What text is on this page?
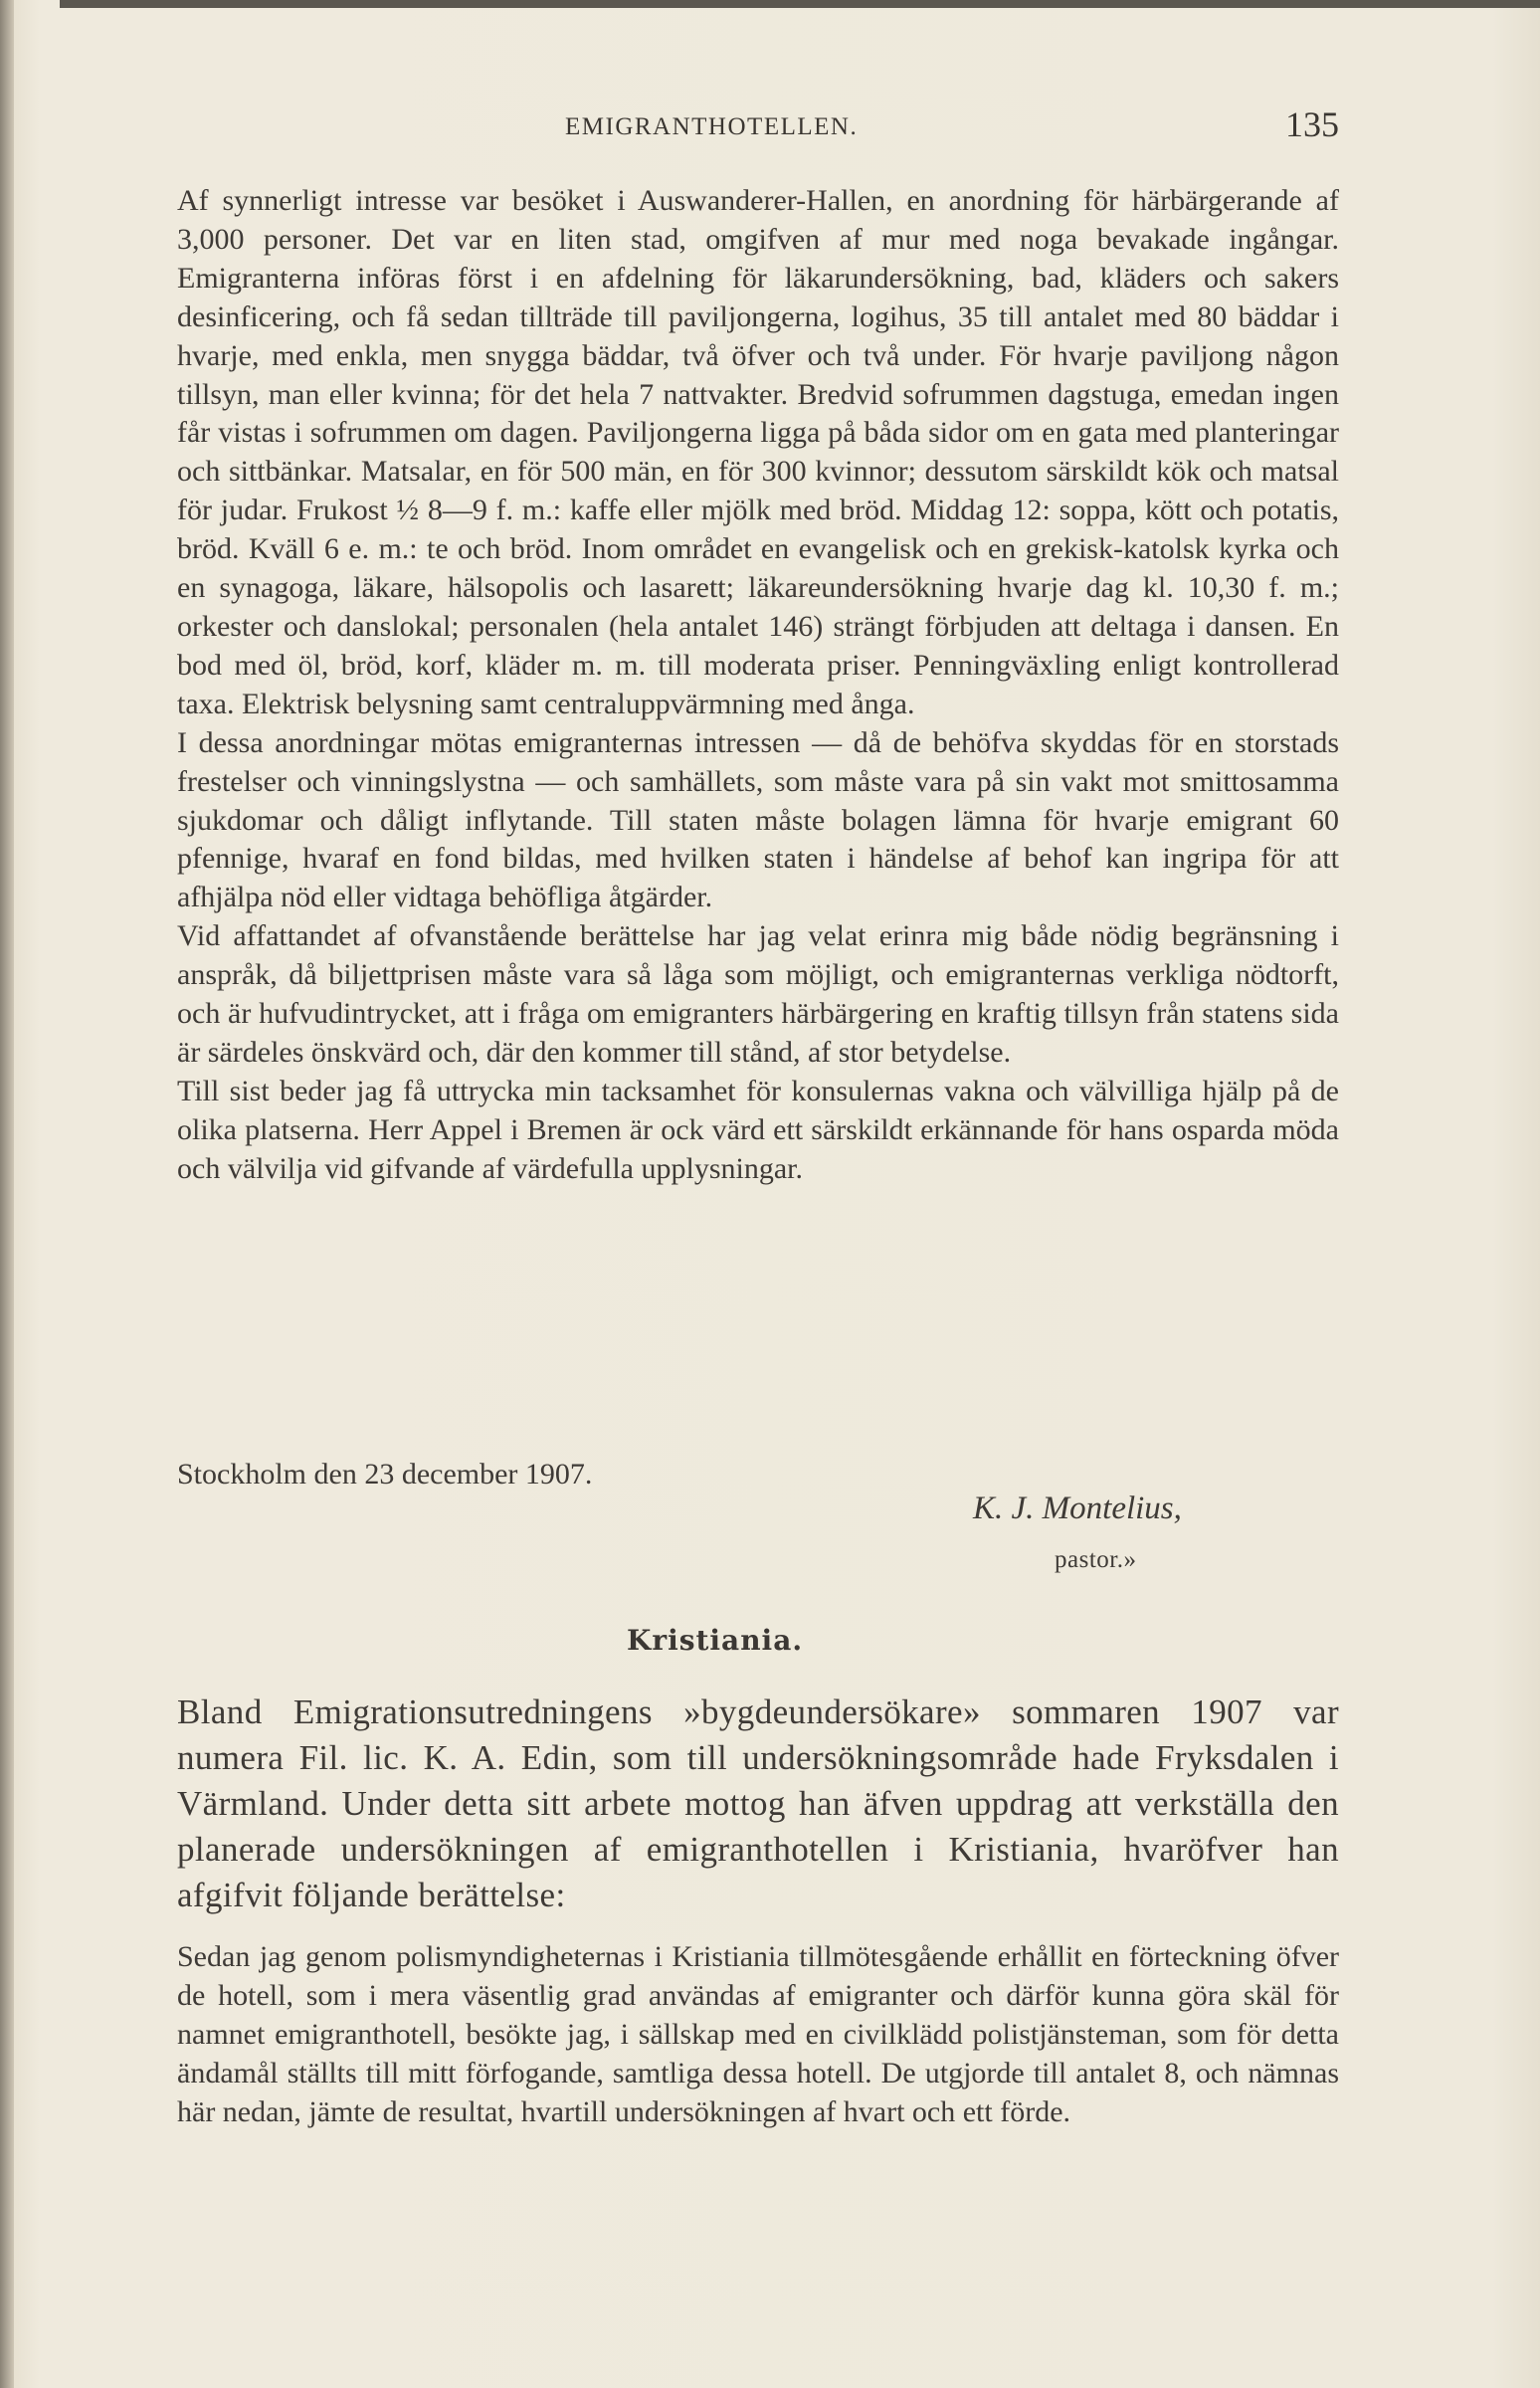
EMIGRANTHOTELLEN.	135

Af synnerligt intresse var besöket i Auswanderer-Hallen, en anordning för härbärgerande af 3,000 personer. Det var en liten stad, omgifven af mur med noga bevakade ingångar. Emigranterna införas först i en afdelning för läkarundersökning, bad, kläders och sakers desinficering, och få sedan tillträde till paviljongerna, logihus, 35 till antalet med 80 bäddar i hvarje, med enkla, men snygga bäddar, två öfver och två under. För hvarje paviljong någon tillsyn, man eller kvinna; för det hela 7 nattvakter. Bredvid sofrummen dagstuga, emedan ingen får vistas i sofrummen om dagen. Paviljongerna ligga på båda sidor om en gata med planteringar och sittbänkar. Matsalar, en för 500 män, en för 300 kvinnor; dessutom särskildt kök och matsal för judar. Frukost ½ 8—9 f. m.: kaffe eller mjölk med bröd. Middag 12: soppa, kött och potatis, bröd. Kväll 6 e. m.: te och bröd. Inom området en evangelisk och en grekisk-katolsk kyrka och en synagoga, läkare, hälsopolis och lasarett; läkareundersökning hvarje dag kl. 10,30 f. m.; orkester och danslokal; personalen (hela antalet 146) strängt förbjuden att deltaga i dansen. En bod med öl, bröd, korf, kläder m. m. till moderata priser. Penningväxling enligt kontrollerad taxa. Elektrisk belysning samt centraluppvärmning med ånga.

I dessa anordningar mötas emigranternas intressen — då de behöfva skyddas för en storstads frestelser och vinningslystna — och samhällets, som måste vara på sin vakt mot smittosamma sjukdomar och dåligt inflytande. Till staten måste bolagen lämna för hvarje emigrant 60 pfennige, hvaraf en fond bildas, med hvilken staten i händelse af behof kan ingripa för att afhjälpa nöd eller vidtaga behöfliga åtgärder.

Vid affattandet af ofvanstående berättelse har jag velat erinra mig både nödig begränsning i anspråk, då biljettprisen måste vara så låga som möjligt, och emigranternas verkliga nödtorft, och är hufvudintrycket, att i fråga om emigranters härbärgering en kraftig tillsyn från statens sida är särdeles önskvärd och, där den kommer till stånd, af stor betydelse.

Till sist beder jag få uttrycka min tacksamhet för konsulernas vakna och välvilliga hjälp på de olika platserna. Herr Appel i Bremen är ock värd ett särskildt erkännande för hans osparda möda och välvilja vid gifvande af värdefulla upplysningar.

Stockholm den 23 december 1907.
K. J. Montelius,
pastor.»
Kristiania.

Bland Emigrationsutredningens »bygdeundersökare» sommaren 1907 var numera Fil. lic. K. A. Edin, som till undersökningsområde hade Fryksdalen i Värmland. Under detta sitt arbete mottog han äfven uppdrag att verkställa den planerade undersökningen af emigranthotellen i Kristiania, hvaröfver han afgifvit följande berättelse:

Sedan jag genom polismyndigheternas i Kristiania tillmötesgående erhållit en förteckning öfver de hotell, som i mera väsentlig grad användas af emigranter och därför kunna göra skäl för namnet emigranthotell, besökte jag, i sällskap med en civilklädd polistjänsteman, som för detta ändamål ställts till mitt förfogande, samtliga dessa hotell. De utgjorde till antalet 8, och nämnas här nedan, jämte de resultat, hvartill undersökningen af hvart och ett förde.
